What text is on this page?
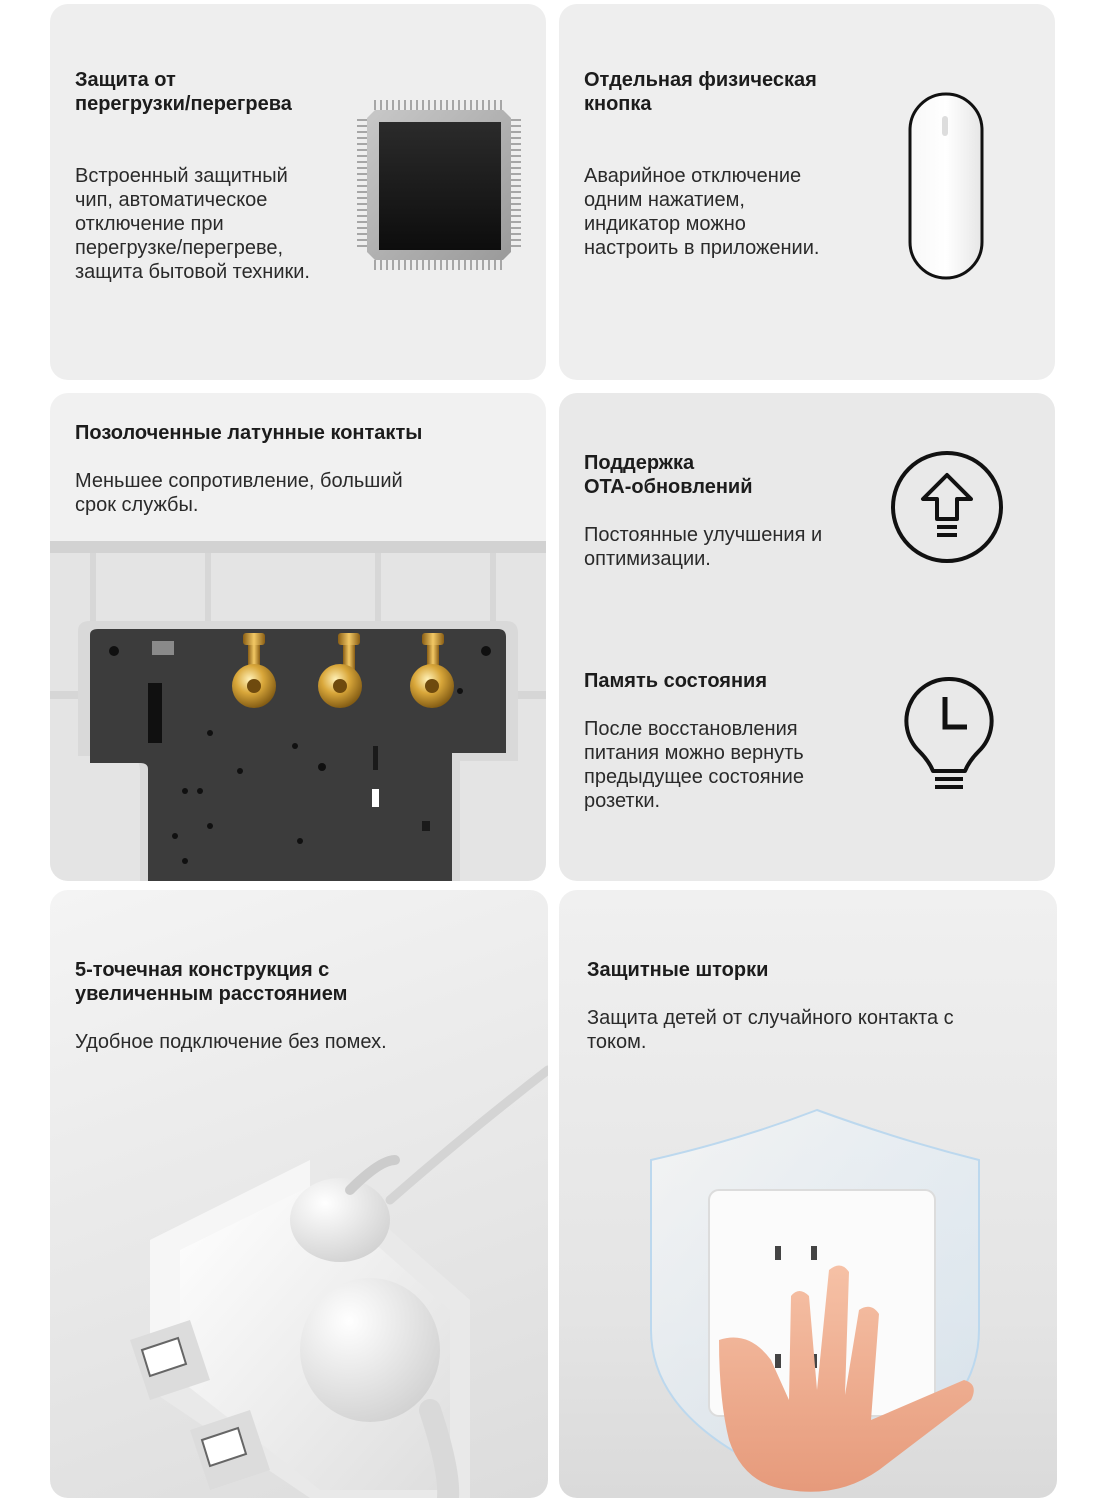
Защита от
перегрузки/перегрева
Встроенный защитный
чип, автоматическое
отключение при
перегрузке/перегреве,
защита бытовой техники.
Отдельная физическая
кнопка
Аварийное отключение
одним нажатием,
индикатор можно
настроить в приложении.
Позолоченные латунные контакты
Меньшее сопротивление, больший
срок службы.
Поддержка
OTA-обновлений
Постоянные улучшения и
оптимизации.
Память состояния
После восстановления
питания можно вернуть
предыдущее состояние
розетки.
5-точечная конструкция с
увеличенным расстоянием
Удобное подключение без помех.
Защитные шторки
Защита детей от случайного контакта с
током.
